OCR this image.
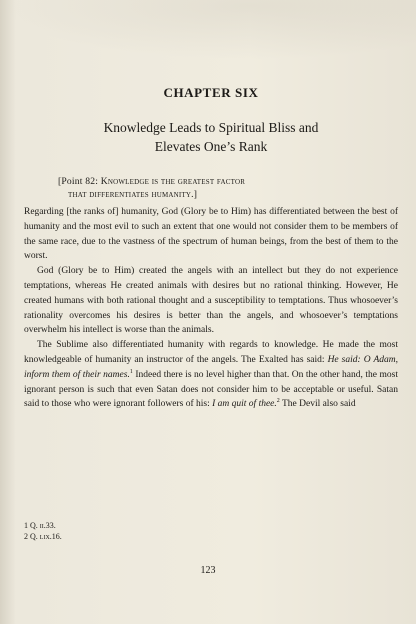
CHAPTER SIX
Knowledge Leads to Spiritual Bliss and
Elevates One’s Rank
[Point 82: Knowledge is the greatest factor
that differentiates humanity.]

Regarding [the ranks of] humanity, God (Glory be to Him) has differentiated between the best of humanity and the most evil to such an extent that one would not consider them to be members of the same race, due to the vastness of the spectrum of human beings, from the best of them to the worst.

God (Glory be to Him) created the angels with an intellect but they do not experience temptations, whereas He created animals with desires but no rational thinking. However, He created humans with both rational thought and a susceptibility to temptations. Thus whosoever’s rationality overcomes his desires is better than the angels, and whosoever’s temptations overwhelm his intellect is worse than the animals.

The Sublime also differentiated humanity with regards to knowledge. He made the most knowledgeable of humanity an instructor of the angels. The Exalted has said: He said: O Adam, inform them of their names.$^1$ Indeed there is no level higher than that. On the other hand, the most ignorant person is such that even Satan does not consider him to be acceptable or useful. Satan said to those who were ignorant followers of his: I am quit of thee.$^2$ The Devil also said

1 Q. ii.33.
2 Q. lix.16.
123
